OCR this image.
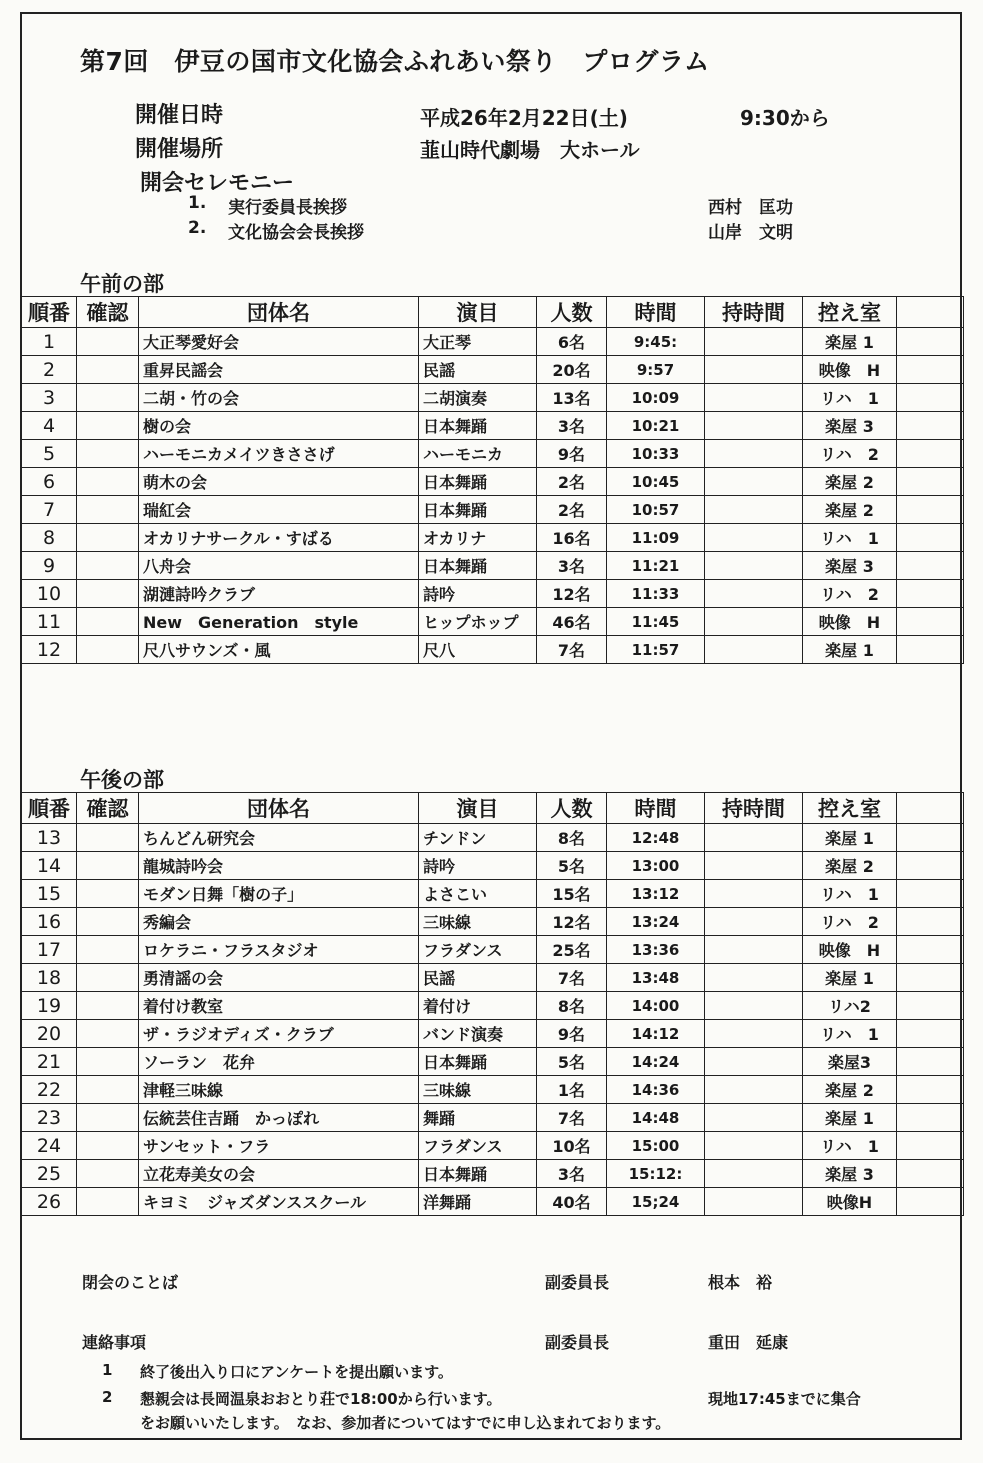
第7回　伊豆の国市文化協会ふれあい祭り　プログラム
開催日時	平成26年2月22日(土)	9:30から
開催場所	韮山時代劇場　大ホール
開会セレモニー
1. 実行委員長挨拶	西村　匡功
2. 文化協会会長挨拶	山岸　文明
午前の部
順番	確認	団体名	演目	人数	時間	持時間	控え室	
1		大正琴愛好会	大正琴	6名	9:45:		楽屋 1	
2		重昇民謡会	民謡	20名	9:57		映像　H	
3		二胡・竹の会	二胡演奏	13名	10:09		リハ　1	
4		樹の会	日本舞踊	3名	10:21		楽屋 3	
5		ハーモニカメイツきささげ	ハーモニカ	9名	10:33		リハ　2	
6		萌木の会	日本舞踊	2名	10:45		楽屋 2	
7		瑞紅会	日本舞踊	2名	10:57		楽屋 2	
8		オカリナサークル・すばる	オカリナ	16名	11:09		リハ　1	
9		八舟会	日本舞踊	3名	11:21		楽屋 3	
10		湖漣詩吟クラブ	詩吟	12名	11:33		リハ　2	
11		New　Generation　style	ヒップホップ	46名	11:45		映像　H	
12		尺八サウンズ・風	尺八	7名	11:57		楽屋 1	
午後の部
順番	確認	団体名	演目	人数	時間	持時間	控え室	
13		ちんどん研究会	チンドン	8名	12:48		楽屋 1	
14		龍城詩吟会	詩吟	5名	13:00		楽屋 2	
15		モダン日舞「樹の子」	よさこい	15名	13:12		リハ　1	
16		秀編会	三味線	12名	13:24		リハ　2	
17		ロケラニ・フラスタジオ	フラダンス	25名	13:36		映像　H	
18		勇清謡の会	民謡	7名	13:48		楽屋 1	
19		着付け教室	着付け	8名	14:00		リハ2	
20		ザ・ラジオディズ・クラブ	バンド演奏	9名	14:12		リハ　1	
21		ソーラン　花弁	日本舞踊	5名	14:24		楽屋3	
22		津軽三味線	三味線	1名	14:36		楽屋 2	
23		伝統芸住吉踊　かっぽれ	舞踊	7名	14:48		楽屋 1	
24		サンセット・フラ	フラダンス	10名	15:00		リハ　1	
25		立花寿美女の会	日本舞踊	3名	15:12:		楽屋 3	
26		キヨミ　ジャズダンススクール	洋舞踊	40名	15;24		映像H	
閉会のことば	副委員長	根本　裕
連絡事項	副委員長	重田　延康
1 終了後出入り口にアンケートを提出願います。
2 懇親会は長岡温泉おおとり荘で18:00から行います。	現地17:45までに集合
をお願いいたします。　なお、参加者についてはすでに申し込まれております。
